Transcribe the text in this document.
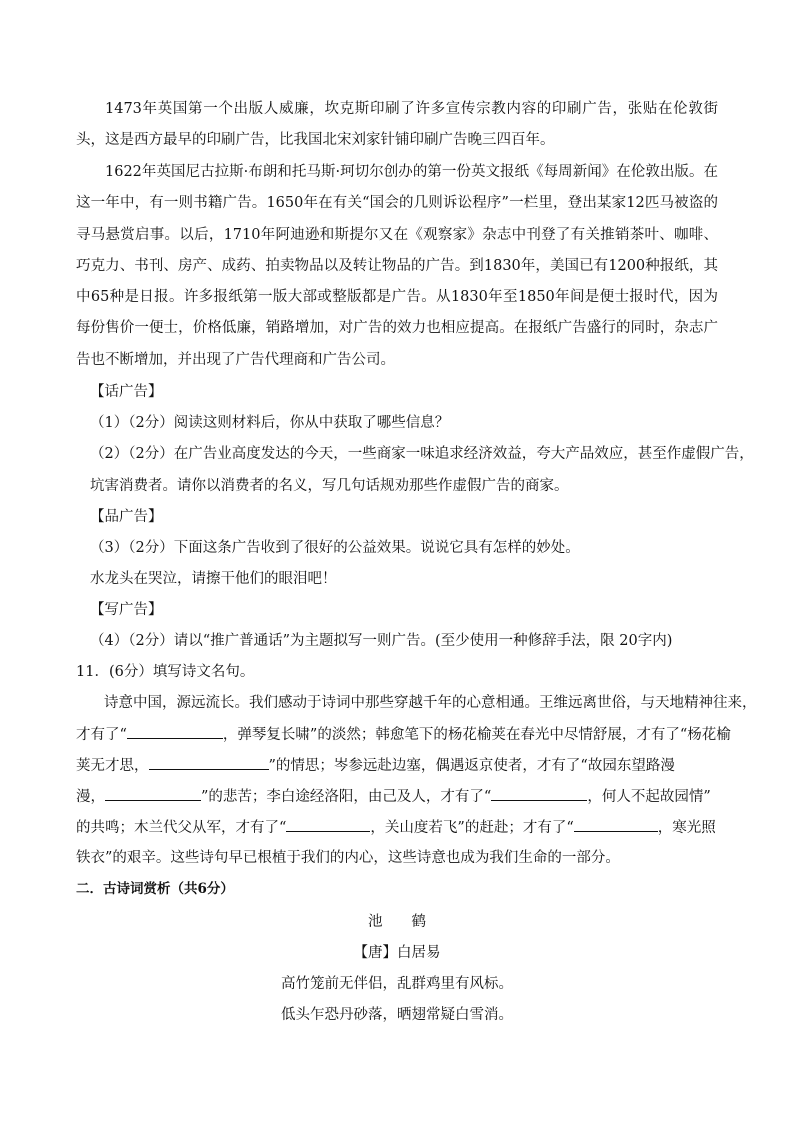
1473年英国第一个出版人威廉，坎克斯印刷了许多宣传宗教内容的印刷广告，张贴在伦敦街头，这是西方最早的印刷广告，比我国北宋刘家针铺印刷广告晚三四百年。

1622年英国尼古拉斯·布朗和托马斯·珂切尔创办的第一份英文报纸《每周新闻》在伦敦出版。在这一年中，有一则书籍广告。1650年在有关“国会的几则诉讼程序”一栏里，登出某家12匹马被盗的寻马悬赏启事。以后，1710年阿迪逊和斯提尔又在《观察家》杂志中刊登了有关推销茶叶、咖啡、巧克力、书刊、房产、成药、拍卖物品以及转让物品的广告。到1830年，美国已有1200种报纸，其中65种是日报。许多报纸第一版大部或整版都是广告。从1830年至1850年间是便士报时代，因为每份售价一便士，价格低廉，销路增加，对广告的效力也相应提高。在报纸广告盛行的同时，杂志广告也不断增加，并出现了广告代理商和广告公司。

【话广告】
（1）（2分）阅读这则材料后，你从中获取了哪些信息？
（2）（2分）在广告业高度发达的今天，一些商家一味追求经济效益，夸大产品效应，甚至作虚假广告，
坑害消费者。请你以消费者的名义，写几句话规劝那些作虚假广告的商家。
【品广告】
（3）（2分）下面这条广告收到了很好的公益效果。说说它具有怎样的妙处。
水龙头在哭泣，请擦干他们的眼泪吧！
【写广告】
（4）（2分）请以“推广普通话”为主题拟写一则广告。(至少使用一种修辞手法，限 20字内)
11．(6分）填写诗文名句。
诗意中国，源远流长。我们感动于诗词中那些穿越千年的心意相通。王维远离世俗，与天地精神往来，
才有了“	，弹琴复长啸”的淡然；韩愈笔下的杨花榆荚在春光中尽情舒展，才有了“杨花榆
荚无才思，	”的情思；岑参远赴边塞，偶遇返京使者，才有了“故园东望路漫
漫，	”的悲苦；李白途经洛阳，由己及人，才有了“	，何人不起故园情”
的共鸣；木兰代父从军，才有了“	，关山度若飞”的赶赴；才有了“	，寒光照
铁衣”的艰辛。这些诗句早已根植于我们的内心，这些诗意也成为我们生命的一部分。
二．古诗词赏析（共6分）
池　　鹤
【唐】白居易
高竹笼前无伴侣，乱群鸡里有风标。
低头乍恐丹砂落，晒翅常疑白雪消。
